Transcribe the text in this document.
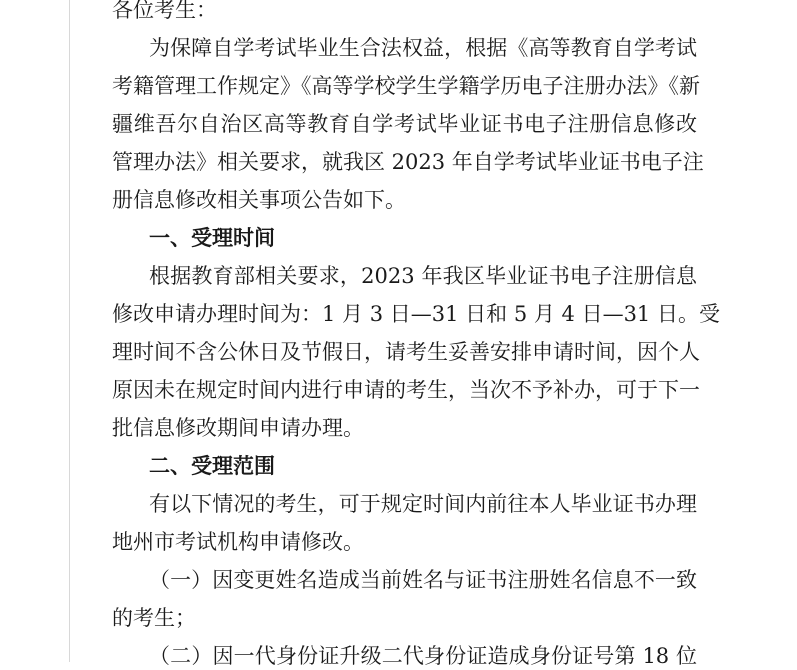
各位考生：
为保障自学考试毕业生合法权益，根据《高等教育自学考试
考籍管理工作规定》《高等学校学生学籍学历电子注册办法》《新
疆维吾尔自治区高等教育自学考试毕业证书电子注册信息修改
管理办法》相关要求，就我区 2023 年自学考试毕业证书电子注
册信息修改相关事项公告如下。
一、受理时间
根据教育部相关要求，2023 年我区毕业证书电子注册信息
修改申请办理时间为：1 月 3 日—31 日和 5 月 4 日—31 日。受
理时间不含公休日及节假日，请考生妥善安排申请时间，因个人
原因未在规定时间内进行申请的考生，当次不予补办，可于下一
批信息修改期间申请办理。
二、受理范围
有以下情况的考生，可于规定时间内前往本人毕业证书办理
地州市考试机构申请修改。
（一）因变更姓名造成当前姓名与证书注册姓名信息不一致
的考生；
（二）因一代身份证升级二代身份证造成身份证号第 18 位
